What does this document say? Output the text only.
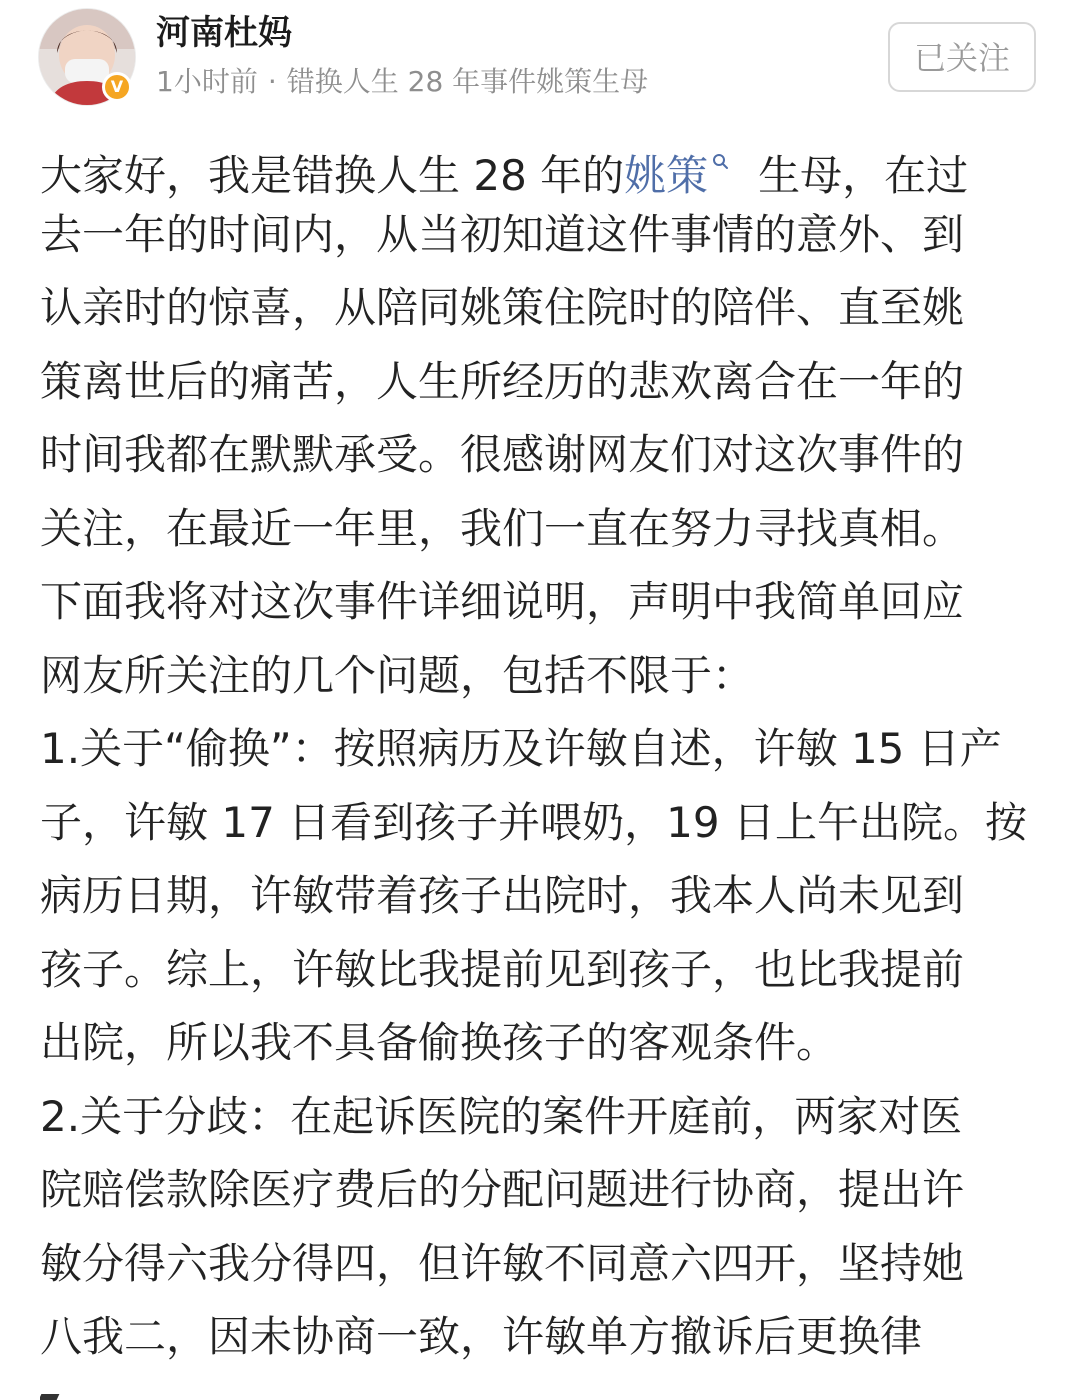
V
河南杜妈
1小时前 · 错换人生 28 年事件姚策生母
已关注
大家好，我是错换人生 28 年的姚策 生母，在过
去一年的时间内，从当初知道这件事情的意外、到
认亲时的惊喜，从陪同姚策住院时的陪伴、直至姚
策离世后的痛苦，人生所经历的悲欢离合在一年的
时间我都在默默承受。很感谢网友们对这次事件的
关注，在最近一年里，我们一直在努力寻找真相。
下面我将对这次事件详细说明，声明中我简单回应
网友所关注的几个问题，包括不限于：
1.关于“偷换”：按照病历及许敏自述，许敏 15 日产
子，许敏 17 日看到孩子并喂奶，19 日上午出院。按
病历日期，许敏带着孩子出院时，我本人尚未见到
孩子。综上，许敏比我提前见到孩子，也比我提前
出院，所以我不具备偷换孩子的客观条件。
2.关于分歧：在起诉医院的案件开庭前，两家对医
院赔偿款除医疗费后的分配问题进行协商，提出许
敏分得六我分得四，但许敏不同意六四开，坚持她
八我二，因未协商一致，许敏单方撤诉后更换律
